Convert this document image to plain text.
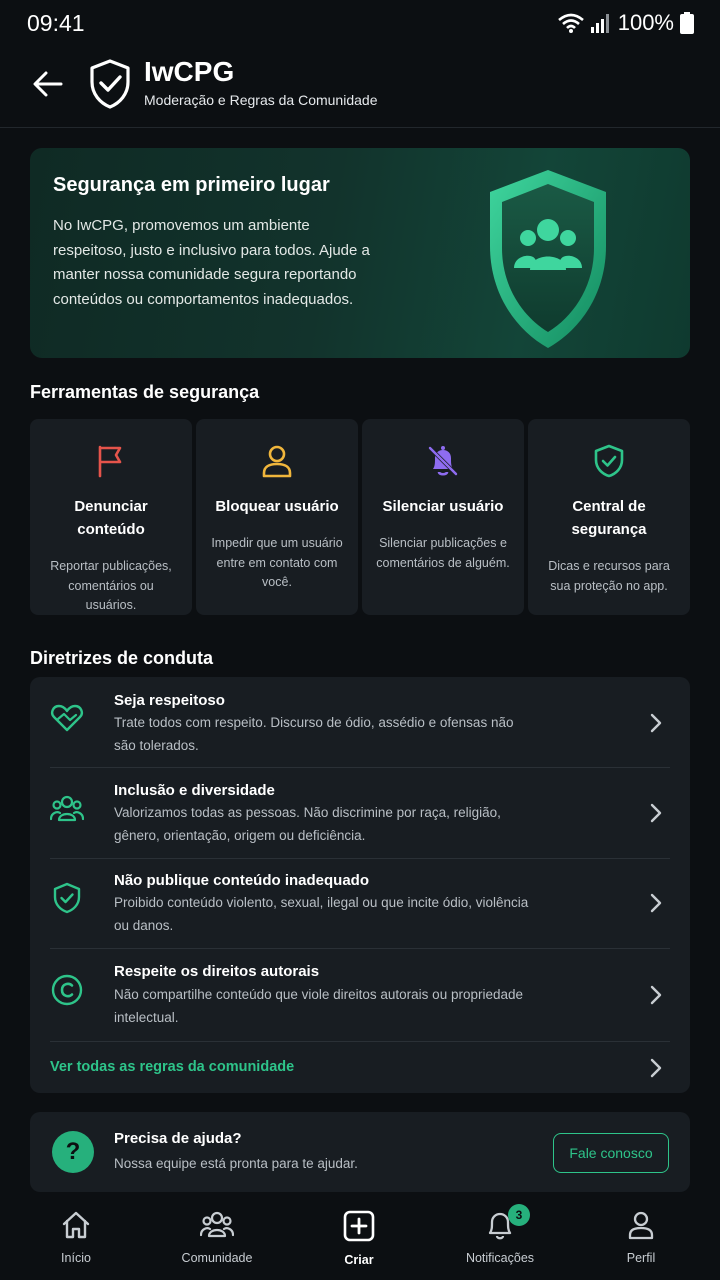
09:41	100%
IwCPG
Moderação e Regras da Comunidade
Segurança em primeiro lugar
No IwCPG, promovemos um ambiente respeitoso, justo e inclusivo para todos. Ajude a manter nossa comunidade segura reportando conteúdos ou comportamentos inadequados.
Ferramentas de segurança
Denunciar conteúdo
Reportar publicações, comentários ou usuários.
Bloquear usuário
Impedir que um usuário entre em contato com você.
Silenciar usuário
Silenciar publicações e comentários de alguém.
Central de segurança
Dicas e recursos para sua proteção no app.
Diretrizes de conduta
Seja respeitoso
Trate todos com respeito. Discurso de ódio, assédio e ofensas não são tolerados.
Inclusão e diversidade
Valorizamos todas as pessoas. Não discrimine por raça, religião, gênero, orientação, origem ou deficiência.
Não publique conteúdo inadequado
Proibido conteúdo violento, sexual, ilegal ou que incite ódio, violência ou danos.
Respeite os direitos autorais
Não compartilhe conteúdo que viole direitos autorais ou propriedade intelectual.
Ver todas as regras da comunidade
?	Precisa de ajuda?
Nossa equipe está pronta para te ajudar.
Fale conosco
Início	Comunidade	Criar
3
Notificações	Perfil
